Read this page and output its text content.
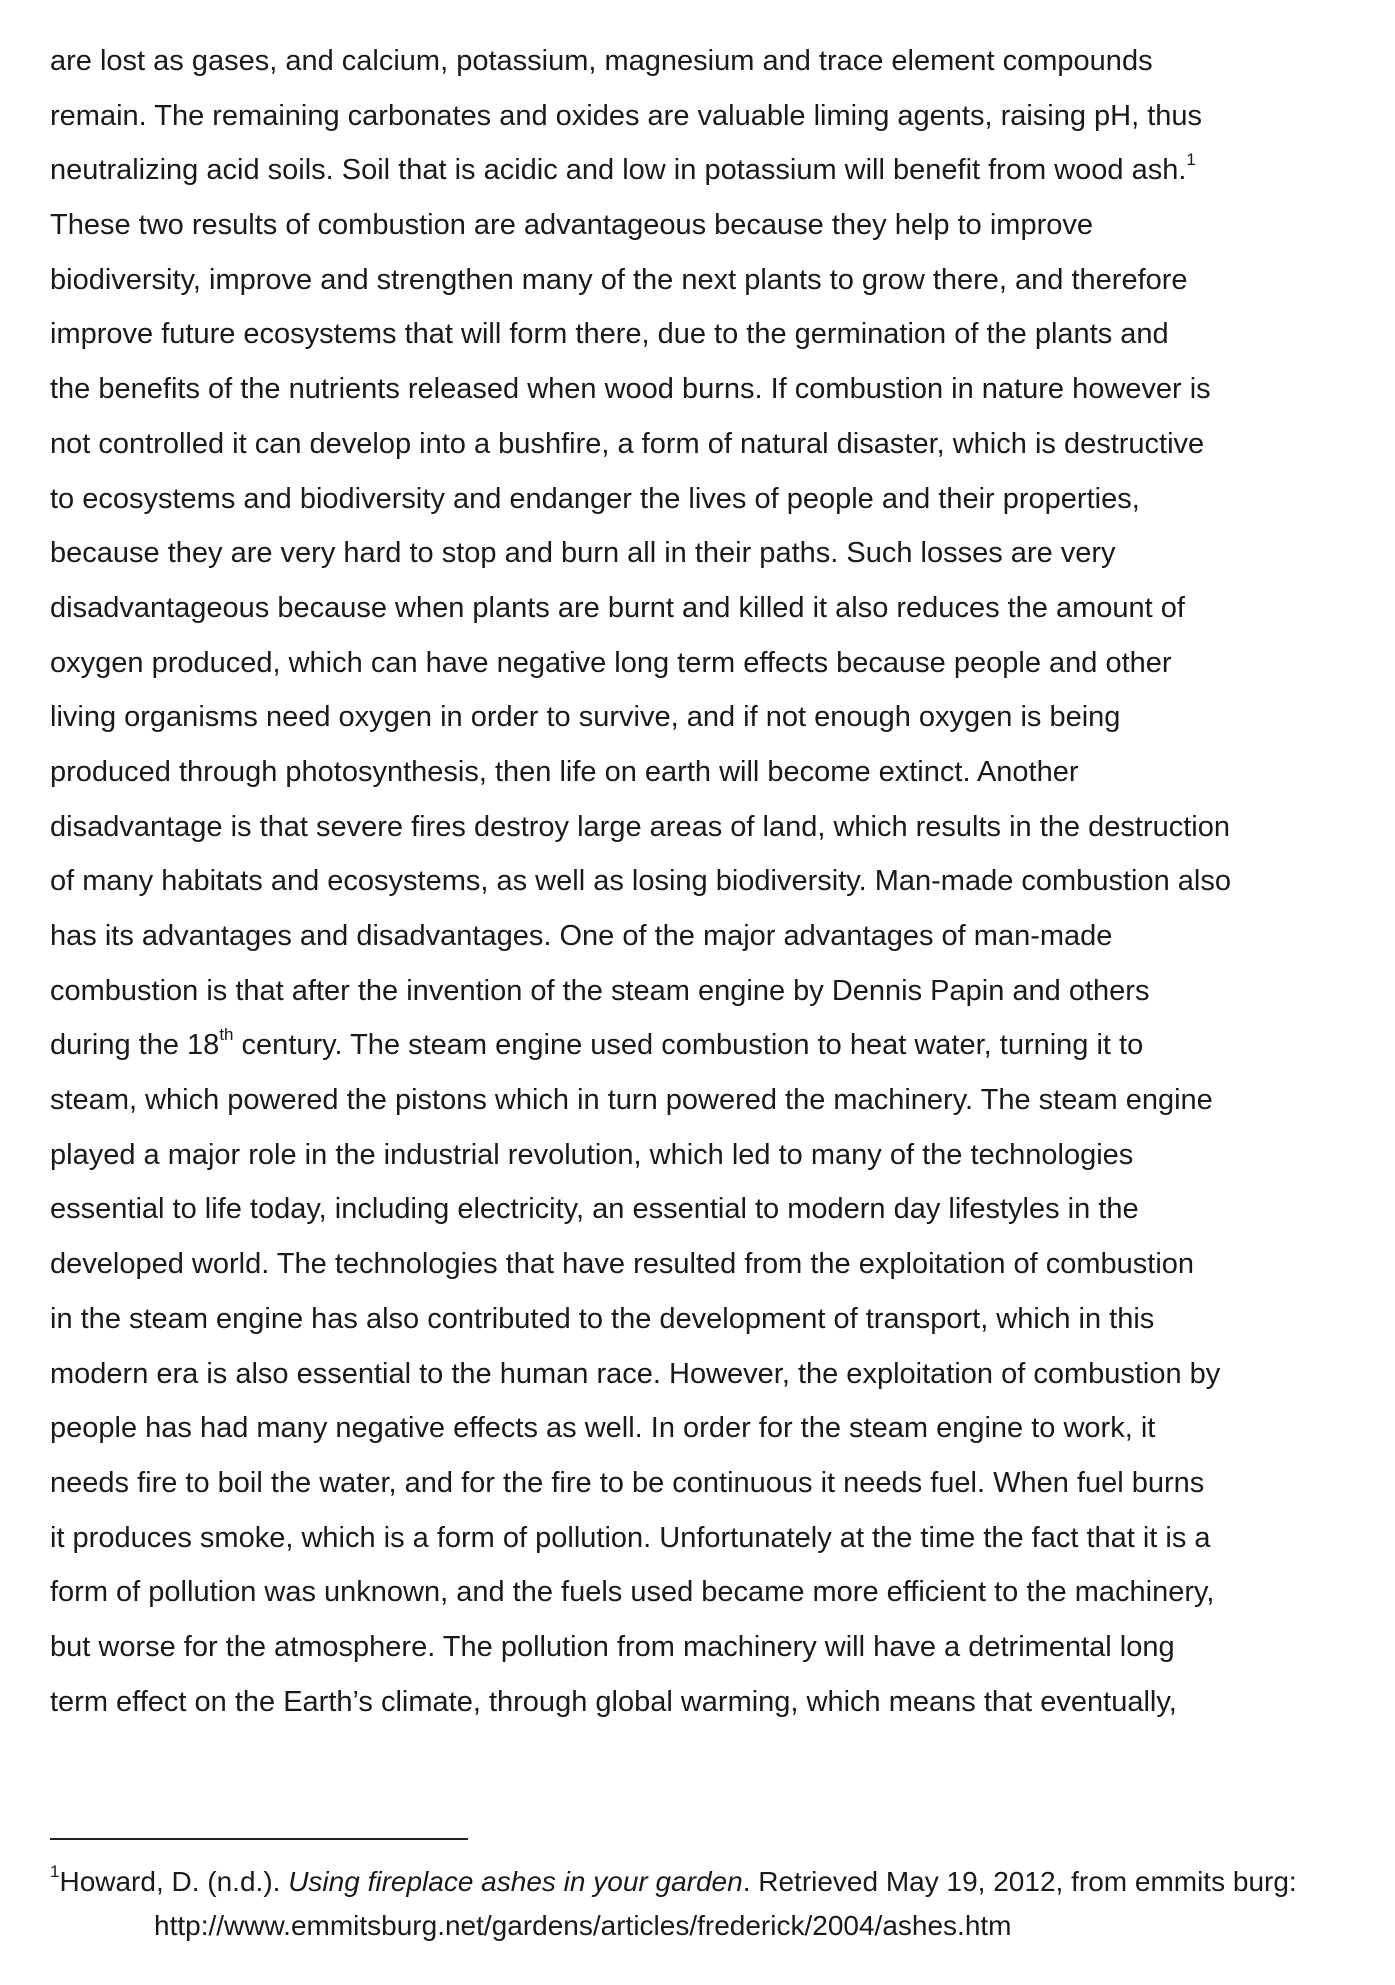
are lost as gases, and calcium, potassium, magnesium and trace element compounds
remain. The remaining carbonates and oxides are valuable liming agents, raising pH, thus
neutralizing acid soils. Soil that is acidic and low in potassium will benefit from wood ash.$^1$
These two results of combustion are advantageous because they help to improve
biodiversity, improve and strengthen many of the next plants to grow there, and therefore
improve future ecosystems that will form there, due to the germination of the plants and
the benefits of the nutrients released when wood burns. If combustion in nature however is
not controlled it can develop into a bushfire, a form of natural disaster, which is destructive
to ecosystems and biodiversity and endanger the lives of people and their properties,
because they are very hard to stop and burn all in their paths. Such losses are very
disadvantageous because when plants are burnt and killed it also reduces the amount of
oxygen produced, which can have negative long term effects because people and other
living organisms need oxygen in order to survive, and if not enough oxygen is being
produced through photosynthesis, then life on earth will become extinct. Another
disadvantage is that severe fires destroy large areas of land, which results in the destruction
of many habitats and ecosystems, as well as losing biodiversity. Man-made combustion also
has its advantages and disadvantages. One of the major advantages of man-made
combustion is that after the invention of the steam engine by Dennis Papin and others
during the 18th century. The steam engine used combustion to heat water, turning it to
steam, which powered the pistons which in turn powered the machinery. The steam engine
played a major role in the industrial revolution, which led to many of the technologies
essential to life today, including electricity, an essential to modern day lifestyles in the
developed world. The technologies that have resulted from the exploitation of combustion
in the steam engine has also contributed to the development of transport, which in this
modern era is also essential to the human race. However, the exploitation of combustion by
people has had many negative effects as well. In order for the steam engine to work, it
needs fire to boil the water, and for the fire to be continuous it needs fuel. When fuel burns
it produces smoke, which is a form of pollution. Unfortunately at the time the fact that it is a
form of pollution was unknown, and the fuels used became more efficient to the machinery,
but worse for the atmosphere. The pollution from machinery will have a detrimental long
term effect on the Earth’s climate, through global warming, which means that eventually,
$^1$Howard, D. (n.d.). Using fireplace ashes in your garden. Retrieved May 19, 2012, from emmits burg:
http://www.emmitsburg.net/gardens/articles/frederick/2004/ashes.htm
